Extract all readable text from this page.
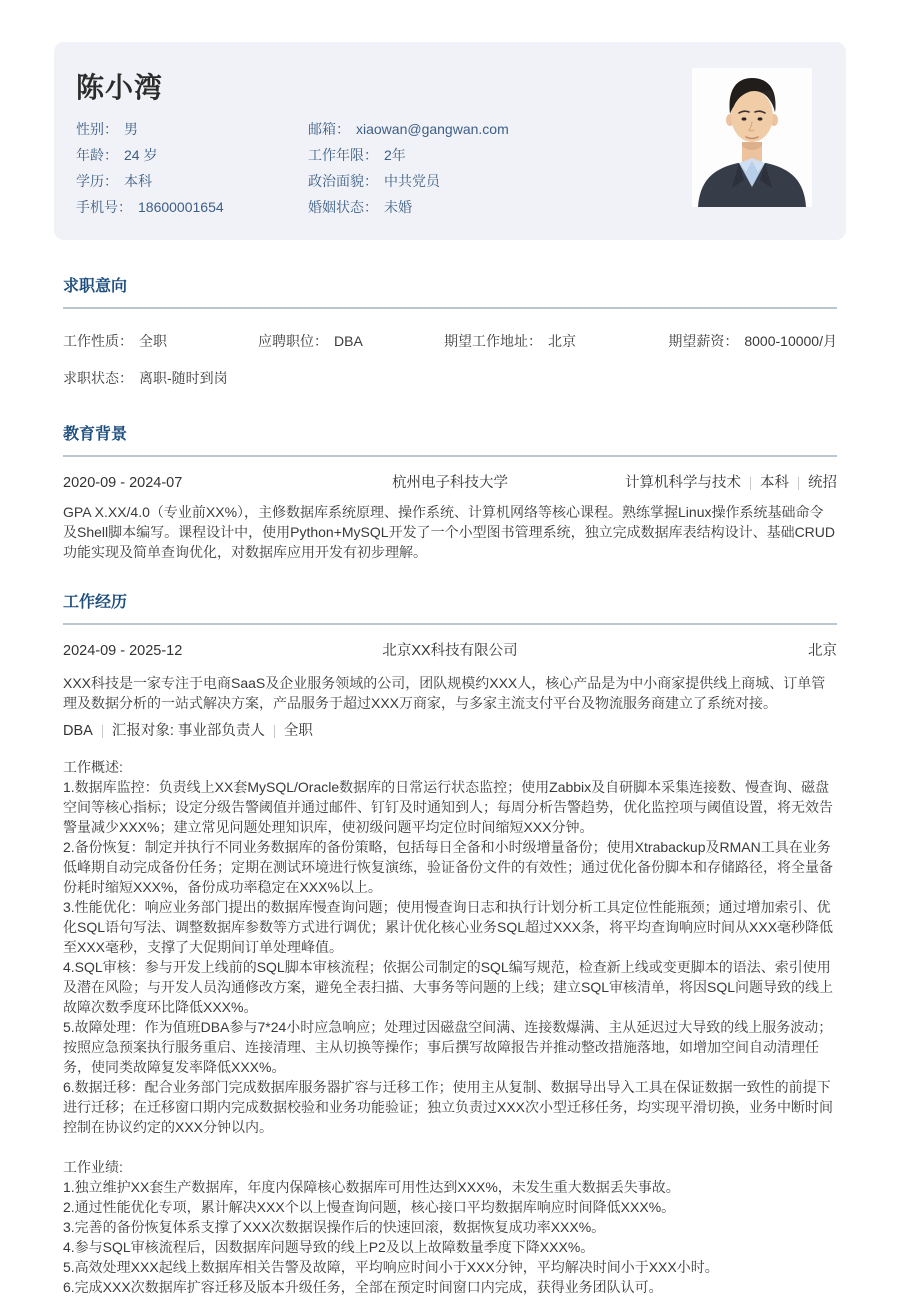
陈小湾
性别： 男
年龄： 24 岁
学历： 本科
手机号： 18600001654
邮箱： xiaowan@gangwan.com
工作年限： 2年
政治面貌： 中共党员
婚姻状态： 未婚
求职意向
工作性质： 全职	应聘职位： DBA	期望工作地址： 北京	期望薪资： 8000-10000/月
求职状态： 离职-随时到岗
教育背景
2020-09 - 2024-07	杭州电子科技大学	计算机科学与技术 本科 统招

GPA X.XX/4.0（专业前XX%），主修数据库系统原理、操作系统、计算机网络等核心课程。熟练掌握Linux操作系统基础命令及Shell脚本编写。课程设计中，使用Python+MySQL开发了一个小型图书管理系统，独立完成数据库表结构设计、基础CRUD功能实现及简单查询优化，对数据库应用开发有初步理解。

工作经历
2024-09 - 2025-12	北京XX科技有限公司	北京

XXX科技是一家专注于电商SaaS及企业服务领域的公司，团队规模约XXX人，核心产品是为中小商家提供线上商城、订单管理及数据分析的一站式解决方案，产品服务于超过XXX万商家，与多家主流支付平台及物流服务商建立了系统对接。

DBA 汇报对象: 事业部负责人 全职

工作概述:

1.数据库监控：负责线上XX套MySQL/Oracle数据库的日常运行状态监控；使用Zabbix及自研脚本采集连接数、慢查询、磁盘空间等核心指标；设定分级告警阈值并通过邮件、钉钉及时通知到人；每周分析告警趋势，优化监控项与阈值设置，将无效告警量减少XXX%；建立常见问题处理知识库，使初级问题平均定位时间缩短XXX分钟。

2.备份恢复：制定并执行不同业务数据库的备份策略，包括每日全备和小时级增量备份；使用Xtrabackup及RMAN工具在业务低峰期自动完成备份任务；定期在测试环境进行恢复演练，验证备份文件的有效性；通过优化备份脚本和存储路径，将全量备份耗时缩短XXX%，备份成功率稳定在XXX%以上。

3.性能优化：响应业务部门提出的数据库慢查询问题；使用慢查询日志和执行计划分析工具定位性能瓶颈；通过增加索引、优化SQL语句写法、调整数据库参数等方式进行调优；累计优化核心业务SQL超过XXX条，将平均查询响应时间从XXX毫秒降低至XXX毫秒，支撑了大促期间订单处理峰值。

4.SQL审核：参与开发上线前的SQL脚本审核流程；依据公司制定的SQL编写规范，检查新上线或变更脚本的语法、索引使用及潜在风险；与开发人员沟通修改方案，避免全表扫描、大事务等问题的上线；建立SQL审核清单，将因SQL问题导致的线上故障次数季度环比降低XXX%。

5.故障处理：作为值班DBA参与7*24小时应急响应；处理过因磁盘空间满、连接数爆满、主从延迟过大导致的线上服务波动；按照应急预案执行服务重启、连接清理、主从切换等操作；事后撰写故障报告并推动整改措施落地，如增加空间自动清理任务，使同类故障复发率降低XXX%。

6.数据迁移：配合业务部门完成数据库服务器扩容与迁移工作；使用主从复制、数据导出导入工具在保证数据一致性的前提下进行迁移；在迁移窗口期内完成数据校验和业务功能验证；独立负责过XXX次小型迁移任务，均实现平滑切换，业务中断时间控制在协议约定的XXX分钟以内。

工作业绩:

1.独立维护XX套生产数据库，年度内保障核心数据库可用性达到XXX%，未发生重大数据丢失事故。

2.通过性能优化专项，累计解决XXX个以上慢查询问题，核心接口平均数据库响应时间降低XXX%。

3.完善的备份恢复体系支撑了XXX次数据误操作后的快速回滚，数据恢复成功率XXX%。

4.参与SQL审核流程后，因数据库问题导致的线上P2及以上故障数量季度下降XXX%。

5.高效处理XXX起线上数据库相关告警及故障，平均响应时间小于XXX分钟，平均解决时间小于XXX小时。

6.完成XXX次数据库扩容迁移及版本升级任务，全部在预定时间窗口内完成，获得业务团队认可。
